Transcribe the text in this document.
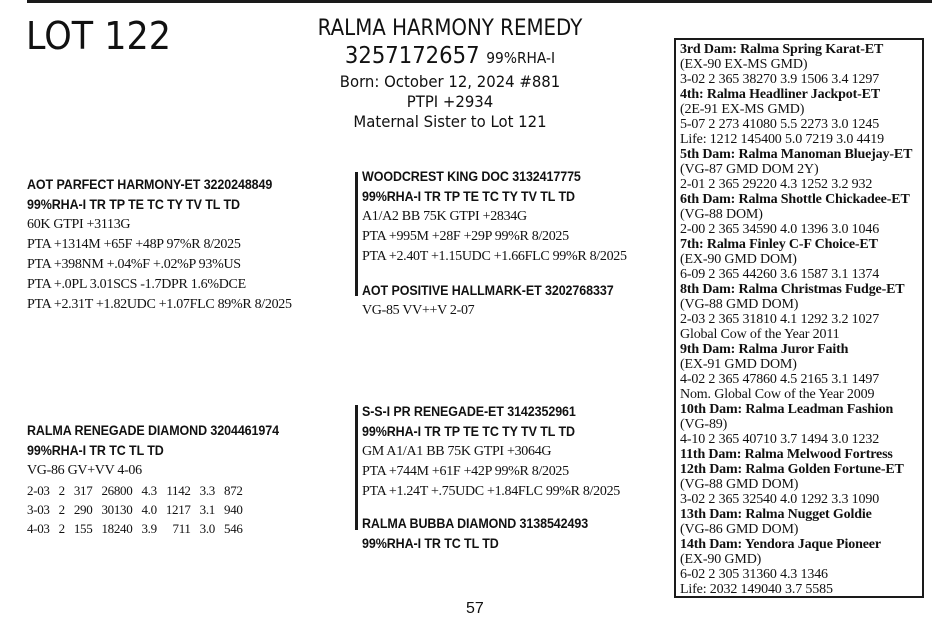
LOT 122	RALMA HARMONY REMEDY
3257172657 99%RHA-I
Born: October 12, 2024 #881
PTPI +2934
Maternal Sister to Lot 121
AOT PARFECT HARMONY-ET 3220248849
99%RHA-I TR TP TE TC TY TV TL TD
60K GTPI +3113G
PTA +1314M +65F +48P 97%R 8/2025
PTA +398NM +.04%F +.02%P 93%US
PTA +.0PL 3.01SCS -1.7DPR 1.6%DCE
PTA +2.31T +1.82UDC +1.07FLC 89%R 8/2025
WOODCREST KING DOC 3132417775
99%RHA-I TR TP TE TC TY TV TL TD
A1/A2 BB 75K GTPI +2834G
PTA +995M +28F +29P 99%R 8/2025
PTA +2.40T +1.15UDC +1.66FLC 99%R 8/2025
AOT POSITIVE HALLMARK-ET 3202768337
VG-85 VV++V 2-07
RALMA RENEGADE DIAMOND 3204461974
99%RHA-I TR TC TL TD
VG-86 GV+VV 4-06
2-03	2	317	26800	4.3	1142	3.3	872
3-03	2	290	30130	4.0	1217	3.1	940
4-03	2	155	18240	3.9	711	3.0	546
S-S-I PR RENEGADE-ET 3142352961
99%RHA-I TR TP TE TC TY TV TL TD
GM A1/A1 BB 75K GTPI +3064G
PTA +744M +61F +42P 99%R 8/2025
PTA +1.24T +.75UDC +1.84FLC 99%R 8/2025
RALMA BUBBA DIAMOND 3138542493
99%RHA-I TR TC TL TD
3rd Dam: Ralma Spring Karat-ET
(EX-90 EX-MS GMD)
3-02 2 365 38270 3.9 1506 3.4 1297
4th: Ralma Headliner Jackpot-ET
(2E-91 EX-MS GMD)
5-07 2 273 41080 5.5 2273 3.0 1245
Life: 1212 145400 5.0 7219 3.0 4419
5th Dam: Ralma Manoman Bluejay-ET
(VG-87 GMD DOM 2Y)
2-01 2 365 29220 4.3 1252 3.2 932
6th Dam: Ralma Shottle Chickadee-ET
(VG-88 DOM)
2-00 2 365 34590 4.0 1396 3.0 1046
7th: Ralma Finley C-F Choice-ET
(EX-90 GMD DOM)
6-09 2 365 44260 3.6 1587 3.1 1374
8th Dam: Ralma Christmas Fudge-ET
(VG-88 GMD DOM)
2-03 2 365 31810 4.1 1292 3.2 1027
Global Cow of the Year 2011
9th Dam: Ralma Juror Faith
(EX-91 GMD DOM)
4-02 2 365 47860 4.5 2165 3.1 1497
Nom. Global Cow of the Year 2009
10th Dam: Ralma Leadman Fashion
(VG-89)
4-10 2 365 40710 3.7 1494 3.0 1232
11th Dam: Ralma Melwood Fortress
12th Dam: Ralma Golden Fortune-ET
(VG-88 GMD DOM)
3-02 2 365 32540 4.0 1292 3.3 1090
13th Dam: Ralma Nugget Goldie
(VG-86 GMD DOM)
14th Dam: Yendora Jaque Pioneer
(EX-90 GMD)
6-02 2 305 31360 4.3 1346
Life: 2032 149040 3.7 5585
57
